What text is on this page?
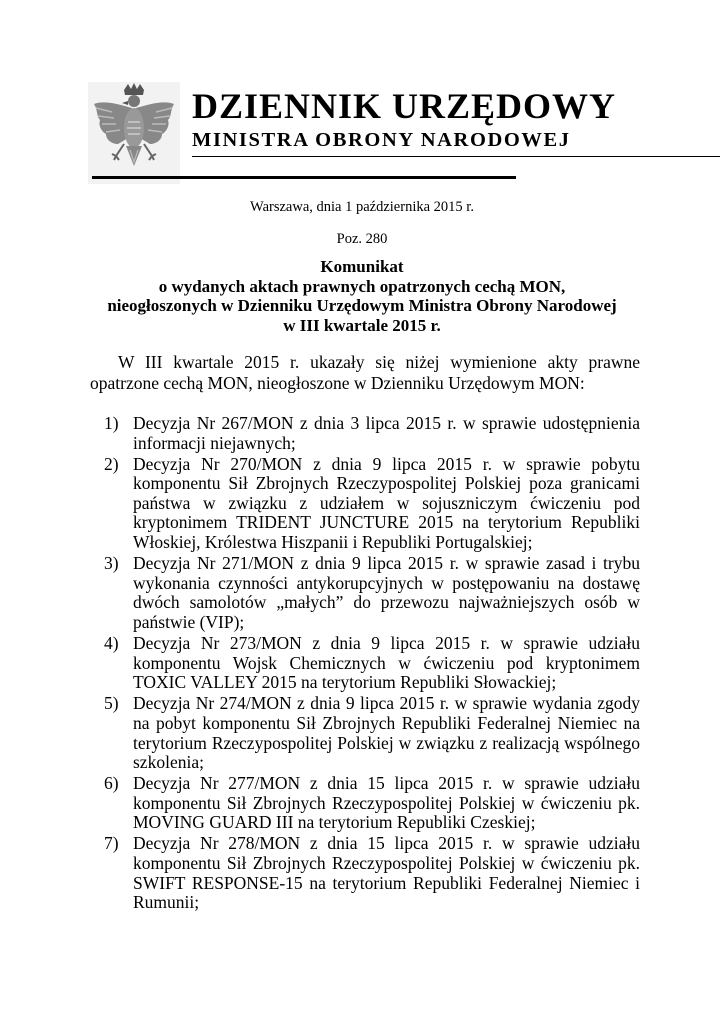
DZIENNIK URZĘDOWY
MINISTRA OBRONY NARODOWEJ
Warszawa, dnia 1 października 2015 r.
Poz. 280
Komunikat
o wydanych aktach prawnych opatrzonych cechą MON,
nieogłoszonych w Dzienniku Urzędowym Ministra Obrony Narodowej
w III kwartale 2015 r.
W III kwartale 2015 r. ukazały się niżej wymienione akty prawne opatrzone cechą MON, nieogłoszone w Dzienniku Urzędowym MON:
1) Decyzja Nr 267/MON z dnia 3 lipca 2015 r. w sprawie udostępnienia informacji niejawnych;
2) Decyzja Nr 270/MON z dnia 9 lipca 2015 r. w sprawie pobytu komponentu Sił Zbrojnych Rzeczypospolitej Polskiej poza granicami państwa w związku z udziałem w sojuszniczym ćwiczeniu pod kryptonimem TRIDENT JUNCTURE 2015 na terytorium Republiki Włoskiej, Królestwa Hiszpanii i Republiki Portugalskiej;
3) Decyzja Nr 271/MON z dnia 9 lipca 2015 r. w sprawie zasad i trybu wykonania czynności antykorupcyjnych w postępowaniu na dostawę dwóch samolotów „małych” do przewozu najważniejszych osób w państwie (VIP);
4) Decyzja Nr 273/MON z dnia 9 lipca 2015 r. w sprawie udziału komponentu Wojsk Chemicznych w ćwiczeniu pod kryptonimem TOXIC VALLEY 2015 na terytorium Republiki Słowackiej;
5) Decyzja Nr 274/MON z dnia 9 lipca 2015 r. w sprawie wydania zgody na pobyt komponentu Sił Zbrojnych Republiki Federalnej Niemiec na terytorium Rzeczypospolitej Polskiej w związku z realizacją wspólnego szkolenia;
6) Decyzja Nr 277/MON z dnia 15 lipca 2015 r. w sprawie udziału komponentu Sił Zbrojnych Rzeczypospolitej Polskiej w ćwiczeniu pk. MOVING GUARD III na terytorium Republiki Czeskiej;
7) Decyzja Nr 278/MON z dnia 15 lipca 2015 r. w sprawie udziału komponentu Sił Zbrojnych Rzeczypospolitej Polskiej w ćwiczeniu pk. SWIFT RESPONSE-15 na terytorium Republiki Federalnej Niemiec i Rumunii;
